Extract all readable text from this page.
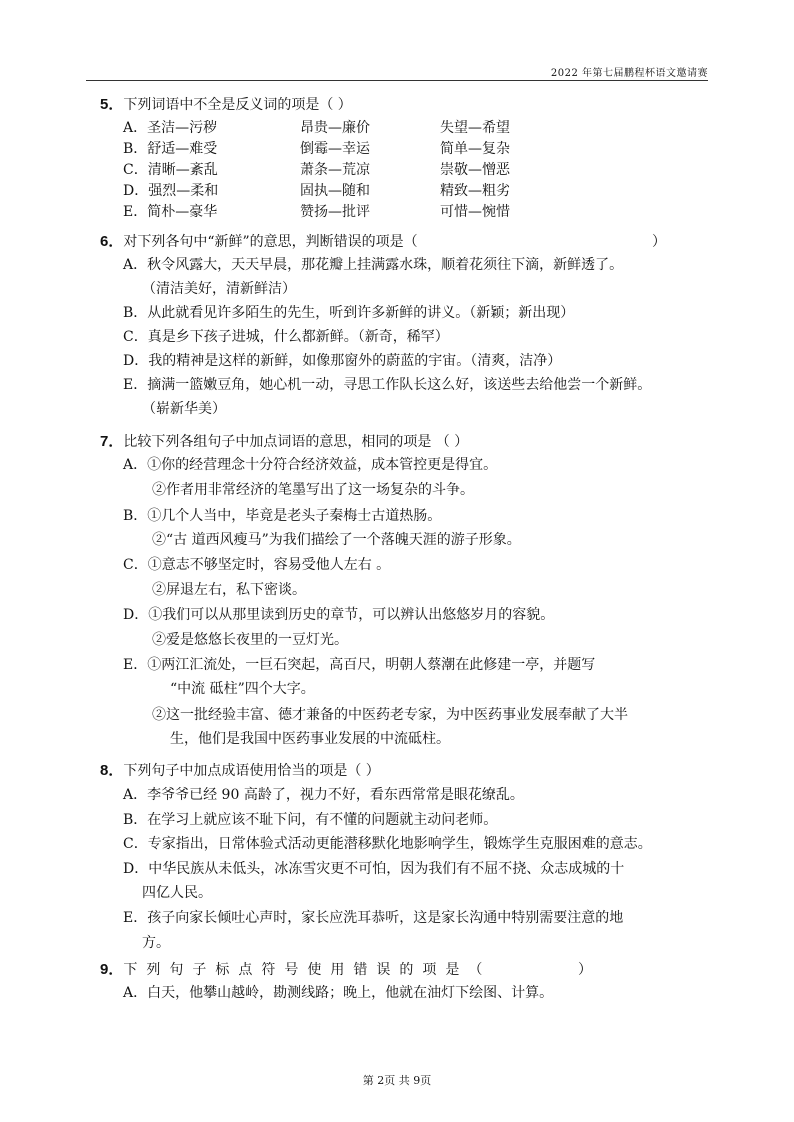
2022 年第七届鹏程杯语文邀请赛
5．下列词语中不全是反义词的项是（ ）
A．圣洁—污秽	昂贵—廉价	失望—希望
B．舒适—难受	倒霉—幸运	简单—复杂
C．清晰—紊乱	萧条—荒凉	崇敬—憎恶
D．强烈—柔和	固执—随和	精致—粗劣
E．简朴—豪华	赞扬—批评	可惜—惋惜
6．对下列各句中“新鲜”的意思，判断错误的项是（	）
A．秋令风露大，天天早晨，那花瓣上挂满露水珠，顺着花须往下滴，新鲜透了。
（清洁美好，清新鲜洁）
B．从此就看见许多陌生的先生，听到许多新鲜的讲义。（新颖；新出现）
C．真是乡下孩子进城，什么都新鲜。（新奇，稀罕）
D．我的精神是这样的新鲜，如像那窗外的蔚蓝的宇宙。（清爽，洁净）
E．摘满一篮嫩豆角，她心机一动，寻思工作队长这么好，该送些去给他尝一个新鲜。
（崭新华美）
7．比较下列各组句子中加点词语的意思，相同的项是 （ ）
A．①你的经营理念十分符合经济效益，成本管控更是得宜。
②作者用非常经济的笔墨写出了这一场复杂的斗争。
B．①几个人当中，毕竟是老头子秦梅士古道热肠。
②“古 道西风瘦马”为我们描绘了一个落魄天涯的游子形象。
C．①意志不够坚定时，容易受他人左右 。
②屏退左右，私下密谈。
D．①我们可以从那里读到历史的章节，可以辨认出悠悠岁月的容貌。
②爱是悠悠长夜里的一豆灯光。
E．①两江汇流处，一巨石突起，高百尺，明朝人蔡潮在此修建一亭，并题写
“中流 砥柱”四个大字。
②这一批经验丰富、德才兼备的中医药老专家，为中医药事业发展奉献了大半
生，他们是我国中医药事业发展的中流砥柱。
8．下列句子中加点成语使用恰当的项是（ ）
A．李爷爷已经 90 高龄了，视力不好，看东西常常是眼花缭乱。
B．在学习上就应该不耻下问，有不懂的问题就主动问老师。
C．专家指出，日常体验式活动更能潜移默化地影响学生，锻炼学生克服困难的意志。
D．中华民族从未低头，冰冻雪灾更不可怕，因为我们有不屈不挠、众志成城的十
四亿人民。
E．孩子向家长倾吐心声时，家长应洗耳恭听，这是家长沟通中特别需要注意的地
方。
9．下列句子标点符号使用错误的项是（	）
A．白天，他攀山越岭，勘测线路；晚上，他就在油灯下绘图、计算。
第 2页 共 9页
